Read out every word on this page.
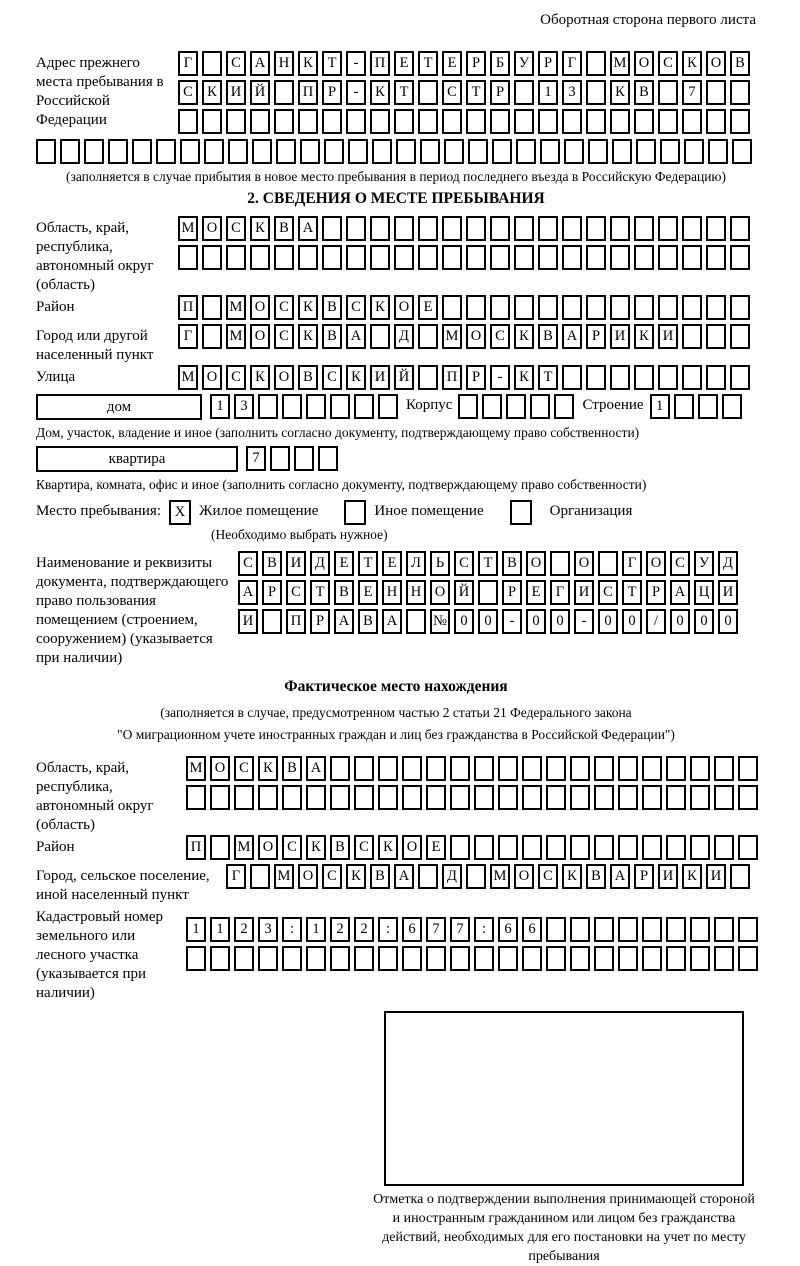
Оборотная сторона первого листа
Адрес прежнего места пребывания в Российской Федерации
Г	С А Н К Т - П Е Т Е Р Б У Р Г	М О С К О В
С К И Й	П Р - К Т	С Т Р	1 3	К В	7

(заполняется в случае прибытия в новое место пребывания в период последнего въезда в Российскую Федерацию)
2. СВЕДЕНИЯ О МЕСТЕ ПРЕБЫВАНИЯ
Область, край, республика, автономный округ (область)
М О С К В А

Район	П	М О С К В С К О Е
Город или другой населенный пункт
Г	М О С К В А	Д	М О С К В А Р И К И
Улица	М О С К О В С К И Й	П Р - К Т
дом	1 3	Корпус
	Строение 1
Дом, участок, владение и иное (заполнить согласно документу, подтверждающему право собственности)
квартира	7
Квартира, комната, офис и иное (заполнить согласно документу, подтверждающему право собственности)
Место пребывания: X Жилое помещение
	Иное помещение
	Организация
(Необходимо выбрать нужное)
Наименование и реквизиты документа, подтверждающего право пользования помещением (строением, сооружением) (указывается при наличии)
С В И Д Е Т Е Л Ь С Т В О	О	Г О С У Д
А Р С Т В Е Н Н О Й	Р Е Г И С Т Р А Ц И
И	П Р А В А № 0 0 - 0 0 - 0 0 / 0 0 0
Фактическое место нахождения
(заполняется в случае, предусмотренном частью 2 статьи 21 Федерального закона
"О миграционном учете иностранных граждан и лиц без гражданства в Российской Федерации")
Область, край, республика, автономный округ (область)
М О С К В А

Район	П	М О С К В С К О Е
Город, сельское поселение, иной населенный пункт
Г	М О С К В А	Д	М О С К В А Р И К И
Кадастровый номер земельного или лесного участка (указывается при наличии)
1 1 2 3 : 1 2 2 : 6 7 7 : 6 6

Отметка о подтверждении выполнения принимающей стороной и иностранным гражданином или лицом без гражданства действий, необходимых для его постановки на учет по месту пребывания
